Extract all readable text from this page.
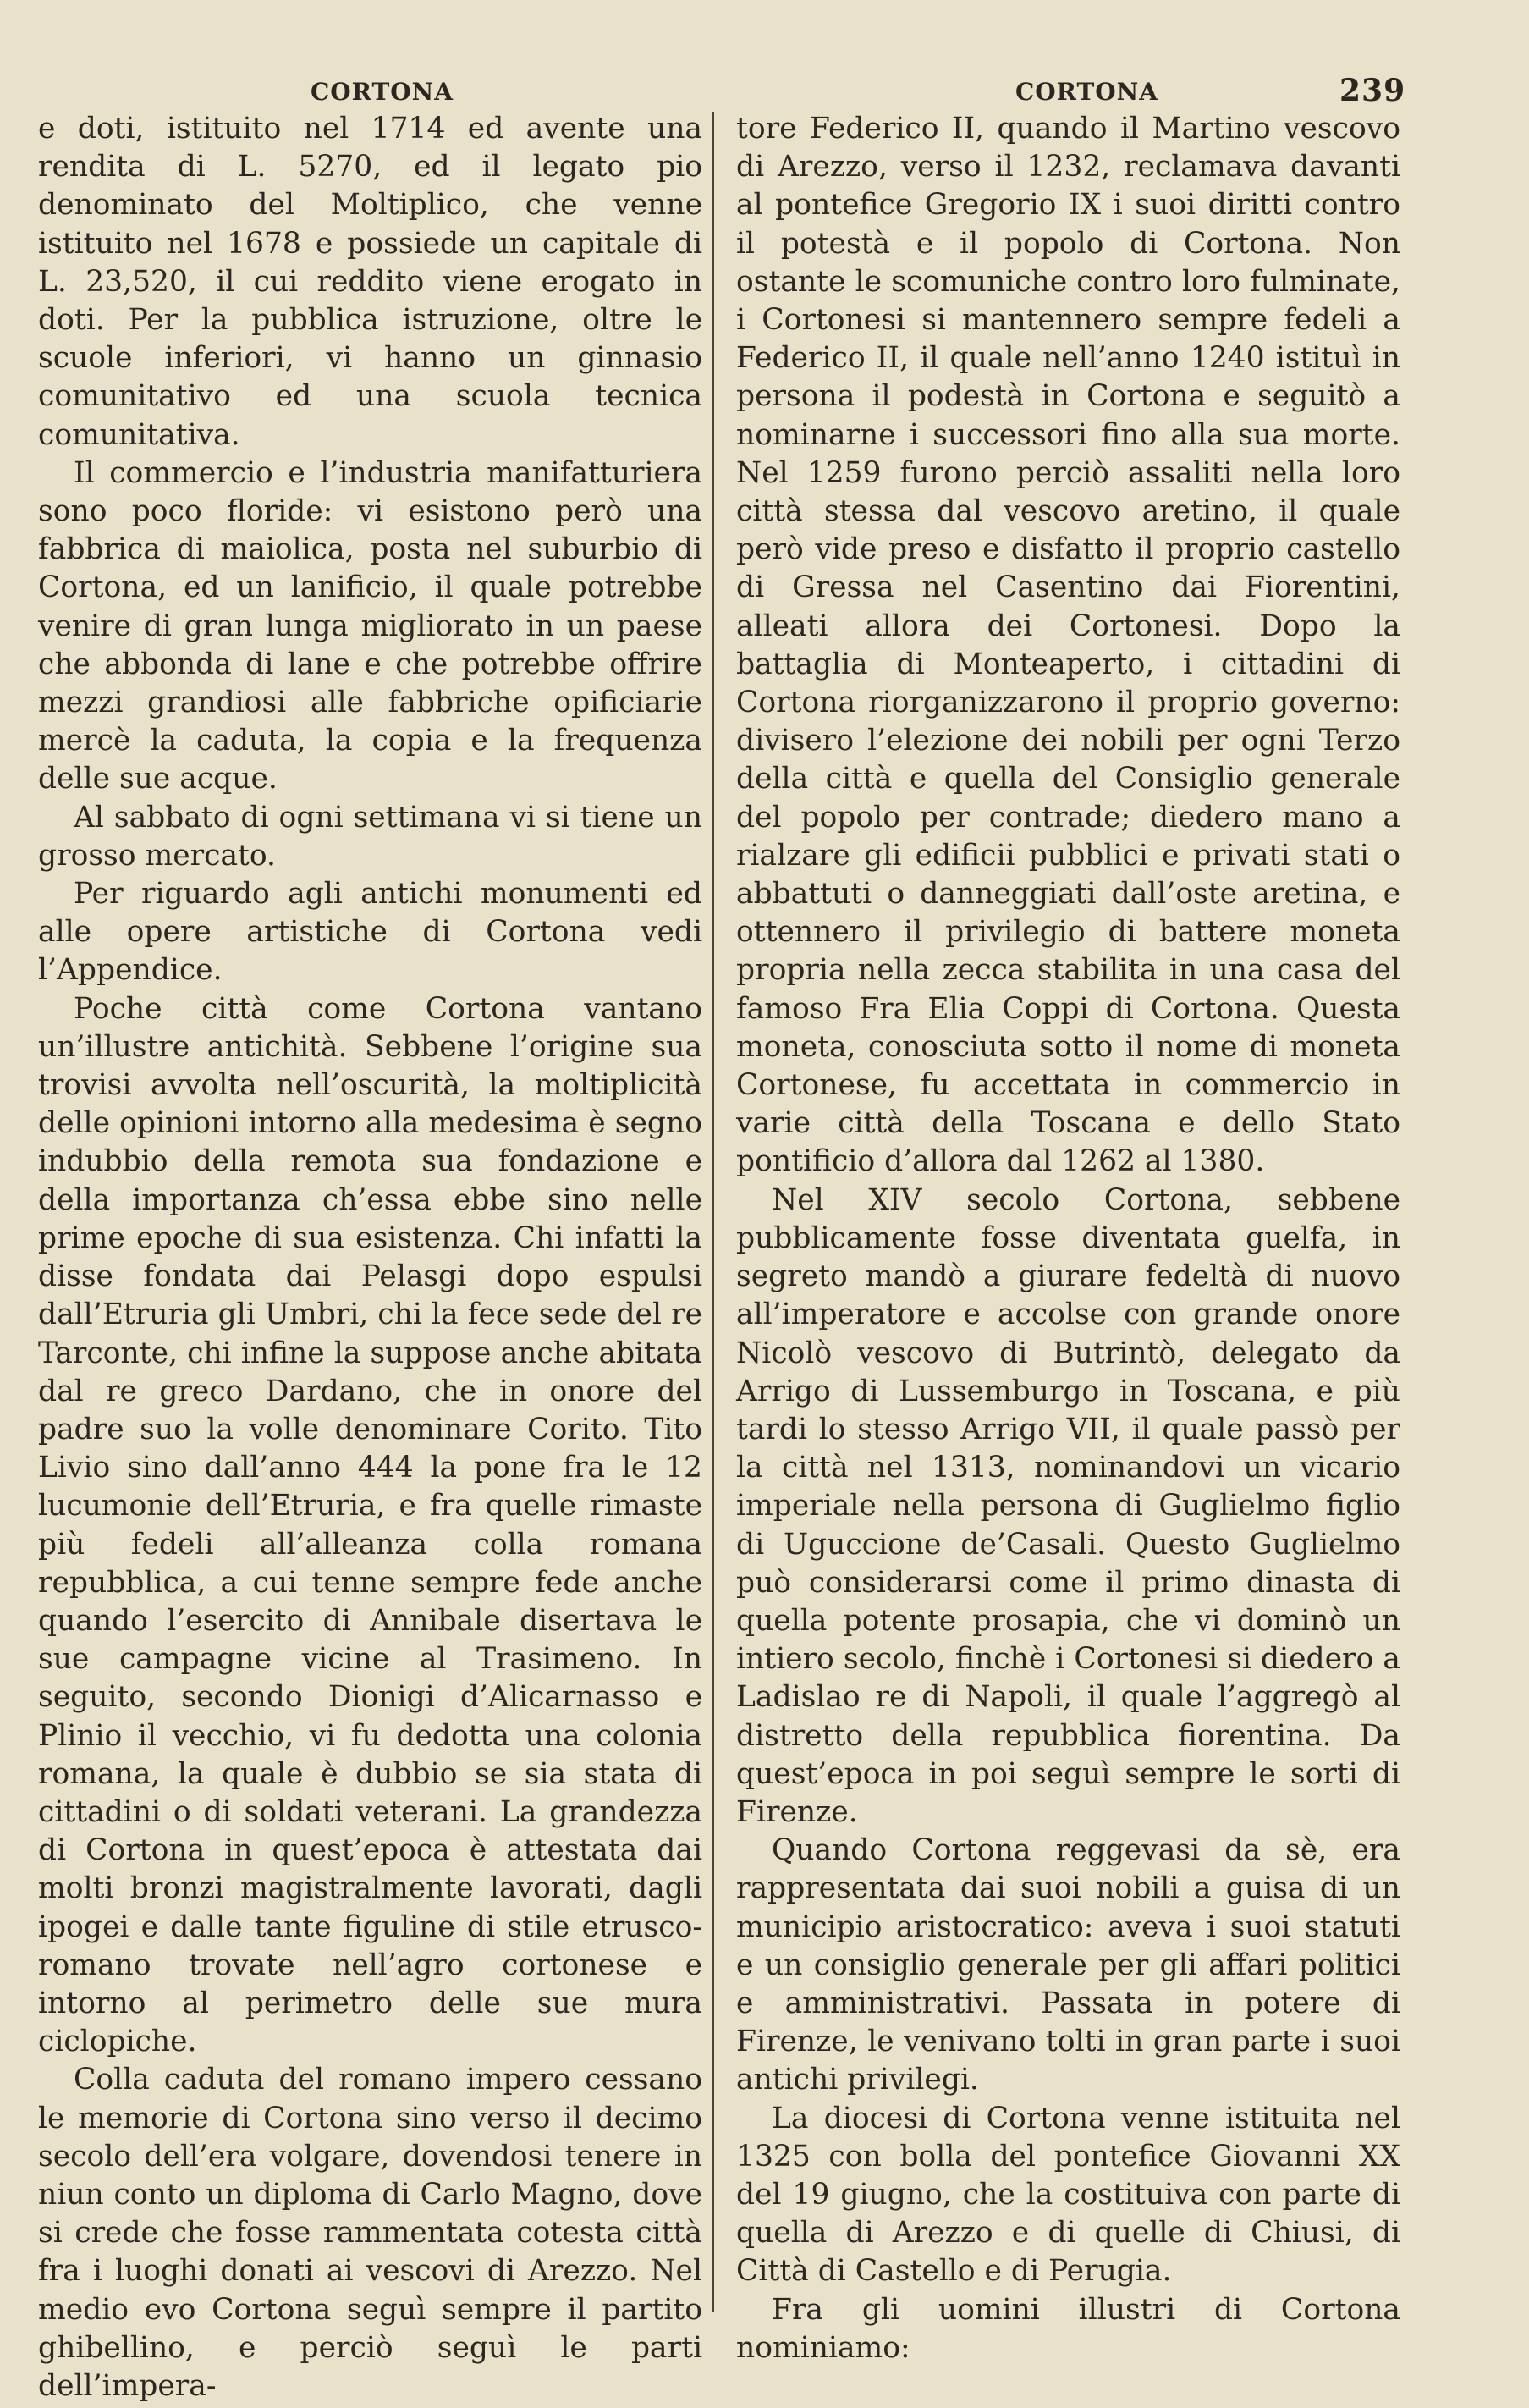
CORTONA	CORTONA	239

e doti, istituito nel 1714 ed avente una rendita di L. 5270, ed il legato pio denominato del Moltiplico, che venne istituito nel 1678 e possiede un capitale di L. 23,520, il cui reddito viene erogato in doti. Per la pubblica istruzione, oltre le scuole inferiori, vi hanno un ginnasio comunitativo ed una scuola tecnica comunitativa.

Il commercio e l’industria manifatturiera sono poco floride: vi esistono però una fabbrica di maiolica, posta nel suburbio di Cortona, ed un lanificio, il quale potrebbe venire di gran lunga migliorato in un paese che abbonda di lane e che potrebbe offrire mezzi grandiosi alle fabbriche opificiarie mercè la caduta, la copia e la frequenza delle sue acque.

Al sabbato di ogni settimana vi si tiene un grosso mercato.

Per riguardo agli antichi monumenti ed alle opere artistiche di Cortona vedi l’Appendice.

Poche città come Cortona vantano un’illustre antichità. Sebbene l’origine sua trovisi avvolta nell’oscurità, la moltiplicità delle opinioni intorno alla medesima è segno indubbio della remota sua fondazione e della importanza ch’essa ebbe sino nelle prime epoche di sua esistenza. Chi infatti la disse fondata dai Pelasgi dopo espulsi dall’Etruria gli Umbri, chi la fece sede del re Tarconte, chi infine la suppose anche abitata dal re greco Dardano, che in onore del padre suo la volle denominare Corito. Tito Livio sino dall’anno 444 la pone fra le 12 lucumonie dell’Etruria, e fra quelle rimaste più fedeli all’alleanza colla romana repubblica, a cui tenne sempre fede anche quando l’esercito di Annibale disertava le sue campagne vicine al Trasimeno. In seguito, secondo Dionigi d’Alicarnasso e Plinio il vecchio, vi fu dedotta una colonia romana, la quale è dubbio se sia stata di cittadini o di soldati veterani. La grandezza di Cortona in quest’epoca è attestata dai molti bronzi magistralmente lavorati, dagli ipogei e dalle tante figuline di stile etrusco-romano trovate nell’agro cortonese e intorno al perimetro delle sue mura ciclopiche.

Colla caduta del romano impero cessano le memorie di Cortona sino verso il decimo secolo dell’era volgare, dovendosi tenere in niun conto un diploma di Carlo Magno, dove si crede che fosse rammentata cotesta città fra i luoghi donati ai vescovi di Arezzo. Nel medio evo Cortona seguì sempre il partito ghibellino, e perciò seguì le parti dell’impera-

tore Federico II, quando il Martino vescovo di Arezzo, verso il 1232, reclamava davanti al pontefice Gregorio IX i suoi diritti contro il potestà e il popolo di Cortona. Non ostante le scomuniche contro loro fulminate, i Cortonesi si mantennero sempre fedeli a Federico II, il quale nell’anno 1240 istituì in persona il podestà in Cortona e seguitò a nominarne i successori fino alla sua morte. Nel 1259 furono perciò assaliti nella loro città stessa dal vescovo aretino, il quale però vide preso e disfatto il proprio castello di Gressa nel Casentino dai Fiorentini, alleati allora dei Cortonesi. Dopo la battaglia di Monteaperto, i cittadini di Cortona riorganizzarono il proprio governo: divisero l’elezione dei nobili per ogni Terzo della città e quella del Consiglio generale del popolo per contrade; diedero mano a rialzare gli edificii pubblici e privati stati o abbattuti o danneggiati dall’oste aretina, e ottennero il privilegio di battere moneta propria nella zecca stabilita in una casa del famoso Fra Elia Coppi di Cortona. Questa moneta, conosciuta sotto il nome di moneta Cortonese, fu accettata in commercio in varie città della Toscana e dello Stato pontificio d’allora dal 1262 al 1380.

Nel XIV secolo Cortona, sebbene pubblicamente fosse diventata guelfa, in segreto mandò a giurare fedeltà di nuovo all’imperatore e accolse con grande onore Nicolò vescovo di Butrintò, delegato da Arrigo di Lussemburgo in Toscana, e più tardi lo stesso Arrigo VII, il quale passò per la città nel 1313, nominandovi un vicario imperiale nella persona di Guglielmo figlio di Uguccione de’Casali. Questo Guglielmo può considerarsi come il primo dinasta di quella potente prosapia, che vi dominò un intiero secolo, finchè i Cortonesi si diedero a Ladislao re di Napoli, il quale l’aggregò al distretto della repubblica fiorentina. Da quest’epoca in poi seguì sempre le sorti di Firenze.

Quando Cortona reggevasi da sè, era rappresentata dai suoi nobili a guisa di un municipio aristocratico: aveva i suoi statuti e un consiglio generale per gli affari politici e amministrativi. Passata in potere di Firenze, le venivano tolti in gran parte i suoi antichi privilegi.

La diocesi di Cortona venne istituita nel 1325 con bolla del pontefice Giovanni XX del 19 giugno, che la costituiva con parte di quella di Arezzo e di quelle di Chiusi, di Città di Castello e di Perugia.

Fra gli uomini illustri di Cortona nominiamo:
